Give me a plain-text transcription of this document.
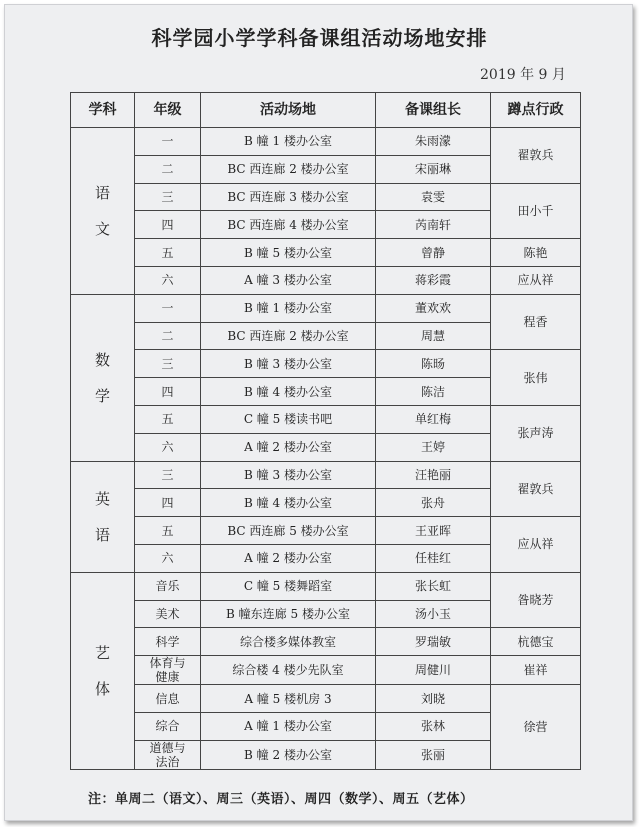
科学园小学学科备课组活动场地安排
2019 年 9 月
学科	年级	活动场地	备课组长	蹲点行政

语
文	一	B 幢 1 楼办公室	朱雨濛	翟敦兵
	二	BC 西连廊 2 楼办公室	宋丽琳	
	三	BC 西连廊 3 楼办公室	袁雯	田小千
	四	BC 西连廊 4 楼办公室	芮南轩	
	五	B 幢 5 楼办公室	曾静	陈艳
	六	A 幢 3 楼办公室	蒋彩霞	应从祥

数
学	一	B 幢 1 楼办公室	董欢欢	程香
	二	BC 西连廊 2 楼办公室	周慧	
	三	B 幢 3 楼办公室	陈旸	张伟
	四	B 幢 4 楼办公室	陈洁	
	五	C 幢 5 楼读书吧	单红梅	张声涛
	六	A 幢 2 楼办公室	王婷	

英
语	三	B 幢 3 楼办公室	汪艳丽	翟敦兵
	四	B 幢 4 楼办公室	张舟	
	五	BC 西连廊 5 楼办公室	王亚晖	应从祥
	六	A 幢 2 楼办公室	任桂红	

艺
体	音乐	C 幢 5 楼舞蹈室	张长虹	昝晓芳
	美术	B 幢东连廊 5 楼办公室	汤小玉	
	科学	综合楼多媒体教室	罗瑞敏	杭德宝
	体育与
健康	综合楼 4 楼少先队室	周健川	崔祥
	信息	A 幢 5 楼机房 3	刘晓	徐营
	综合	A 幢 1 楼办公室	张林	
	道德与
法治	B 幢 2 楼办公室	张丽	
注：单周二（语文）、周三（英语）、周四（数学）、周五（艺体）
